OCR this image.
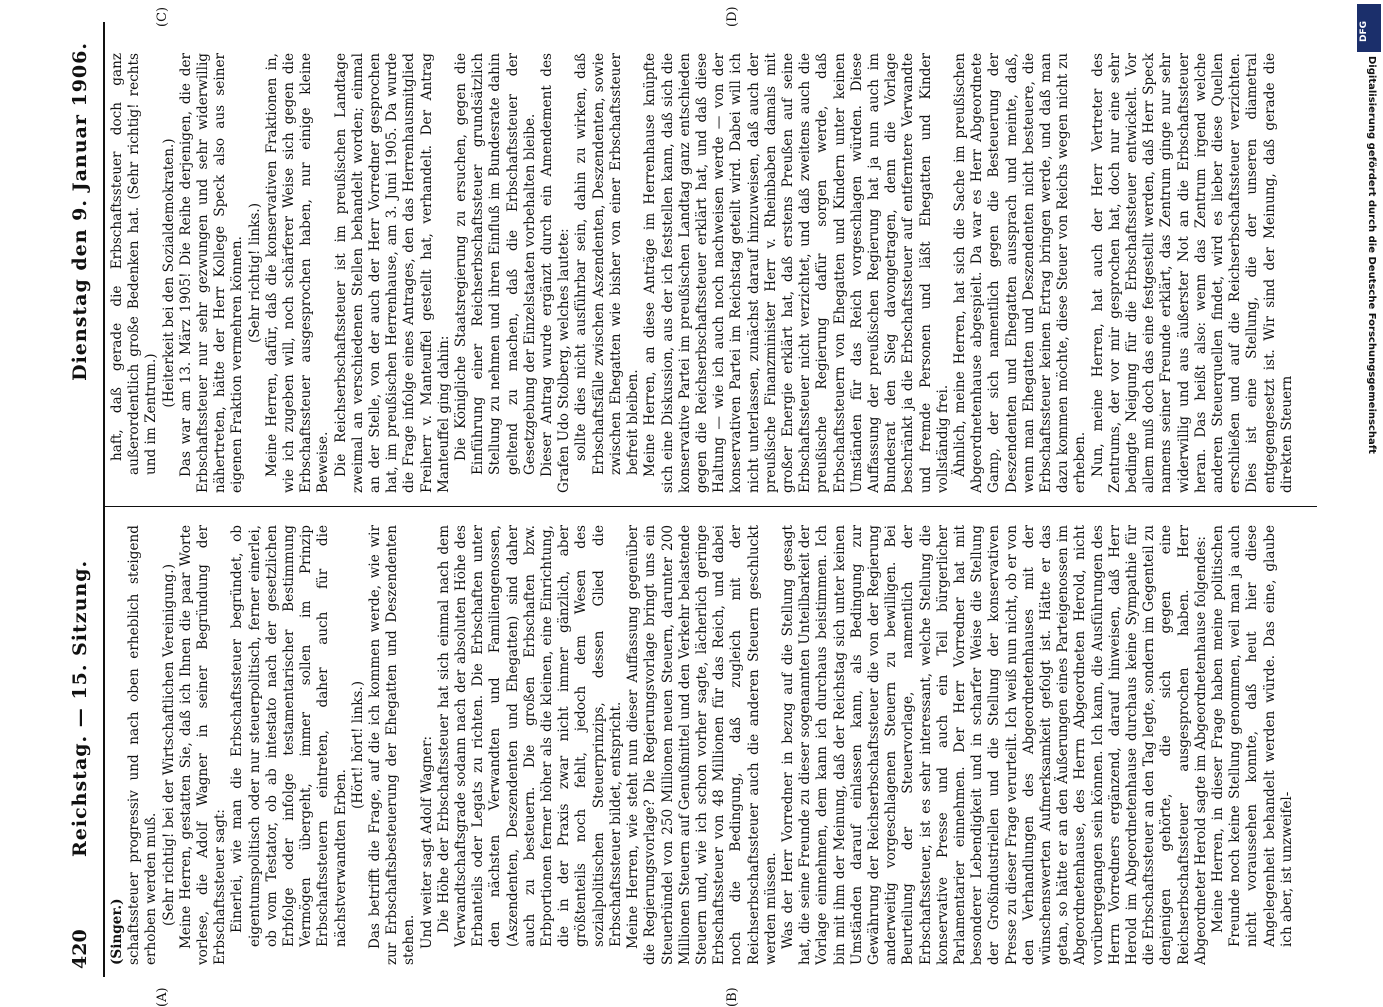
420
Reichstag. — 15. Sitzung.
Dienstag den 9. Januar 1906.
(A)	(B)
(C)	(D)

(Singer.) schaftssteuer progressiv und nach oben erheblich steigend erhoben werden muß. (Sehr richtig! bei der Wirtschaftlichen Vereinigung.) Meine Herren, gestatten Sie, daß ich Ihnen die paar Worte vorlese, die Adolf Wagner in seiner Begründung der Erbschaftssteuer sagt: Einerlei, wie man die Erbschaftssteuer begründet, ob eigentumspolitisch oder nur steuerpolitisch, ferner einerlei, ob vom Testator, ob ab intestato nach der gesetzlichen Erbfolge oder infolge testamentarischer Bestimmung Vermögen übergeht, immer sollen im Prinzip Erbschaftssteuern eintreten, daher auch für die nächstverwandten Erben.

(Hört! hört! links.) Das betrifft die Frage, auf die ich kommen werde, wie wir zur Erbschaftsbesteuerung der Ehegatten und Deszendenten stehen. Und weiter sagt Adolf Wagner: Die Höhe der Erbschaftssteuer hat sich einmal nach dem Verwandtschaftsgrade sodann nach der absoluten Höhe des Erbanteils oder Legats zu richten. Die Erbschaften unter den nächsten Verwandten und Familiengenossen, (Aszendenten, Deszendenten und Ehegatten) sind daher auch zu besteuern. Die großen Erbschaften bzw. Erbportionen ferner höher als die kleinen, eine Einrichtung, die in der Praxis zwar nicht immer gänzlich, aber größtenteils noch fehlt, jedoch dem Wesen des sozialpolitischen Steuerprinzips, dessen Glied die Erbschaftssteuer bildet, entspricht. Meine Herren, wie steht nun dieser Auffassung gegenüber die Regierungsvorlage? Die Regierungsvorlage bringt uns ein Steuerbündel von 250 Millionen neuen Steuern, darunter 200 Millionen Steuern auf Genußmittel und den Verkehr belastende Steuern und, wie ich schon vorher sagte, lächerlich geringe Erbschaftssteuer von 48 Millionen für das Reich, und dabei noch die Bedingung, daß zugleich mit der Reichserbschaftssteuer auch die anderen Steuern geschluckt werden müssen. Was der Herr Vorredner in bezug auf die Stellung gesagt hat, die seine Freunde zu dieser sogenannten Unteilbarkeit der Vorlage einnehmen, dem kann ich durchaus beistimmen. Ich bin mit ihm der Meinung, daß der Reichstag sich unter keinen Umständen darauf einlassen kann, als Bedingung zur Gewährung der Reichserbschaftssteuer die von der Regierung anderweitig vorgeschlagenen Steuern zu bewilligen. Bei Beurteilung der Steuervorlage, namentlich der Erbschaftssteuer, ist es sehr interessant, welche Stellung die konservative Presse und auch ein Teil bürgerlicher Parlamentarier einnehmen. Der Herr Vorredner hat mit besonderer Lebendigkeit und in scharfer Weise die Stellung der Großindustriellen und die Stellung der konservativen Presse zu dieser Frage verurteilt. Ich weiß nun nicht, ob er von den Verhandlungen des Abgeordnetenhauses mit der wünschenswerten Aufmerksamkeit gefolgt ist. Hätte er das getan, so hätte er an den Äußerungen eines Parteigenossen im Abgeordnetenhause, des Herrn Abgeordneten Herold, nicht vorübergegangen sein können. Ich kann, die Ausführungen des Herrn Vorredners ergänzend, darauf hinweisen, daß Herr Herold im Abgeordnetenhause durchaus keine Sympathie für die Erbschaftssteuer an den Tag legte, sondern im Gegenteil zu denjenigen gehörte, die sich gegen eine Reichserbschaftssteuer ausgesprochen haben. Herr Abgeordneter Herold sagte im Abgeordnetenhause folgendes: Meine Herren, in dieser Frage haben meine politischen Freunde noch keine Stellung genommen, weil man ja auch nicht voraussehen konnte, daß heut hier diese Angelegenheit behandelt werden würde. Das eine, glaube ich aber, ist unzweifel-

haft, daß gerade die Erbschaftssteuer doch ganz außerordentlich große Bedenken hat. (Sehr richtig! rechts und im Zentrum.)

(Heiterkeit bei den Sozialdemokraten.) Das war am 13. März 1905! Die Reihe derjenigen, die der Erbschaftssteuer nur sehr gezwungen und sehr widerwillig nähertreten, hätte der Herr Kollege Speck also aus seiner eigenen Fraktion vermehren können. (Sehr richtig! links.) Meine Herren, dafür, daß die konservativen Fraktionen in, wie ich zugeben will, noch schärferer Weise sich gegen die Erbschaftssteuer ausgesprochen haben, nur einige kleine Beweise. Die Reichserbschaftssteuer ist im preußischen Landtage zweimal an verschiedenen Stellen behandelt worden; einmal an der Stelle, von der auch der Herr Vorredner gesprochen hat, im preußischen Herrenhause, am 3. Juni 1905. Da wurde die Frage infolge eines Antrages, den das Herrenhausmitglied Freiherr v. Manteuffel gestellt hat, verhandelt. Der Antrag Manteuffel ging dahin: Die Königliche Staatsregierung zu ersuchen, gegen die Einführung einer Reichserbschaftssteuer grundsätzlich Stellung zu nehmen und ihren Einfluß im Bundesrate dahin geltend zu machen, daß die Erbschaftssteuer der Gesetzgebung der Einzelstaaten vorbehalten bleibe. Dieser Antrag wurde ergänzt durch ein Amendement des Grafen Udo Stolberg, welches lautete: sollte dies nicht ausführbar sein, dahin zu wirken, daß Erbschaftsfälle zwischen Aszendenten, Deszendenten, sowie zwischen Ehegatten wie bisher von einer Erbschaftssteuer befreit bleiben. Meine Herren, an diese Anträge im Herrenhause knüpfte sich eine Diskussion, aus der ich feststellen kann, daß sich die konservative Partei im preußischen Landtag ganz entschieden gegen die Reichserbschaftssteuer erklärt hat, und daß diese Haltung — wie ich auch noch nachweisen werde — von der konservativen Partei im Reichstag geteilt wird. Dabei will ich nicht unterlassen, zunächst darauf hinzuweisen, daß auch der preußische Finanzminister Herr v. Rheinbaben damals mit großer Energie erklärt hat, daß erstens Preußen auf seine Erbschaftssteuer nicht verzichtet, und daß zweitens auch die preußische Regierung dafür sorgen werde, daß Erbschaftssteuern von Ehegatten und Kindern unter keinen Umständen für das Reich vorgeschlagen würden. Diese Auffassung der preußischen Regierung hat ja nun auch im Bundesrat den Sieg davongetragen, denn die Vorlage beschränkt ja die Erbschaftssteuer auf entferntere Verwandte und fremde Personen und läßt Ehegatten und Kinder vollständig frei. Ähnlich, meine Herren, hat sich die Sache im preußischen Abgeordnetenhause abgespielt. Da war es Herr Abgeordnete Gamp, der sich namentlich gegen die Besteuerung der Deszendenten und Ehegatten aussprach und meinte, daß, wenn man Ehegatten und Deszendenten nicht besteuere, die Erbschaftssteuer keinen Ertrag bringen werde, und daß man dazu kommen möchte, diese Steuer von Reichs wegen nicht zu erheben. Nun, meine Herren, hat auch der Herr Vertreter des Zentrums, der vor mir gesprochen hat, doch nur eine sehr bedingte Neigung für die Erbschaftssteuer entwickelt. Vor allem muß doch das eine festgestellt werden, daß Herr Speck namens seiner Freunde erklärt, das Zentrum ginge nur sehr widerwillig und aus äußerster Not an die Erbschaftssteuer heran. Das heißt also: wenn das Zentrum irgend welche anderen Steuerquellen findet, wird es lieber diese Quellen erschließen und auf die Reichserbschaftssteuer verzichten. Dies ist eine Stellung, die der unseren diametral entgegengesetzt ist. Wir sind der Meinung, daß gerade die direkten Steuern

DFG
Digitalisierung gefördert durch die Deutsche Forschungsgemeinschaft
